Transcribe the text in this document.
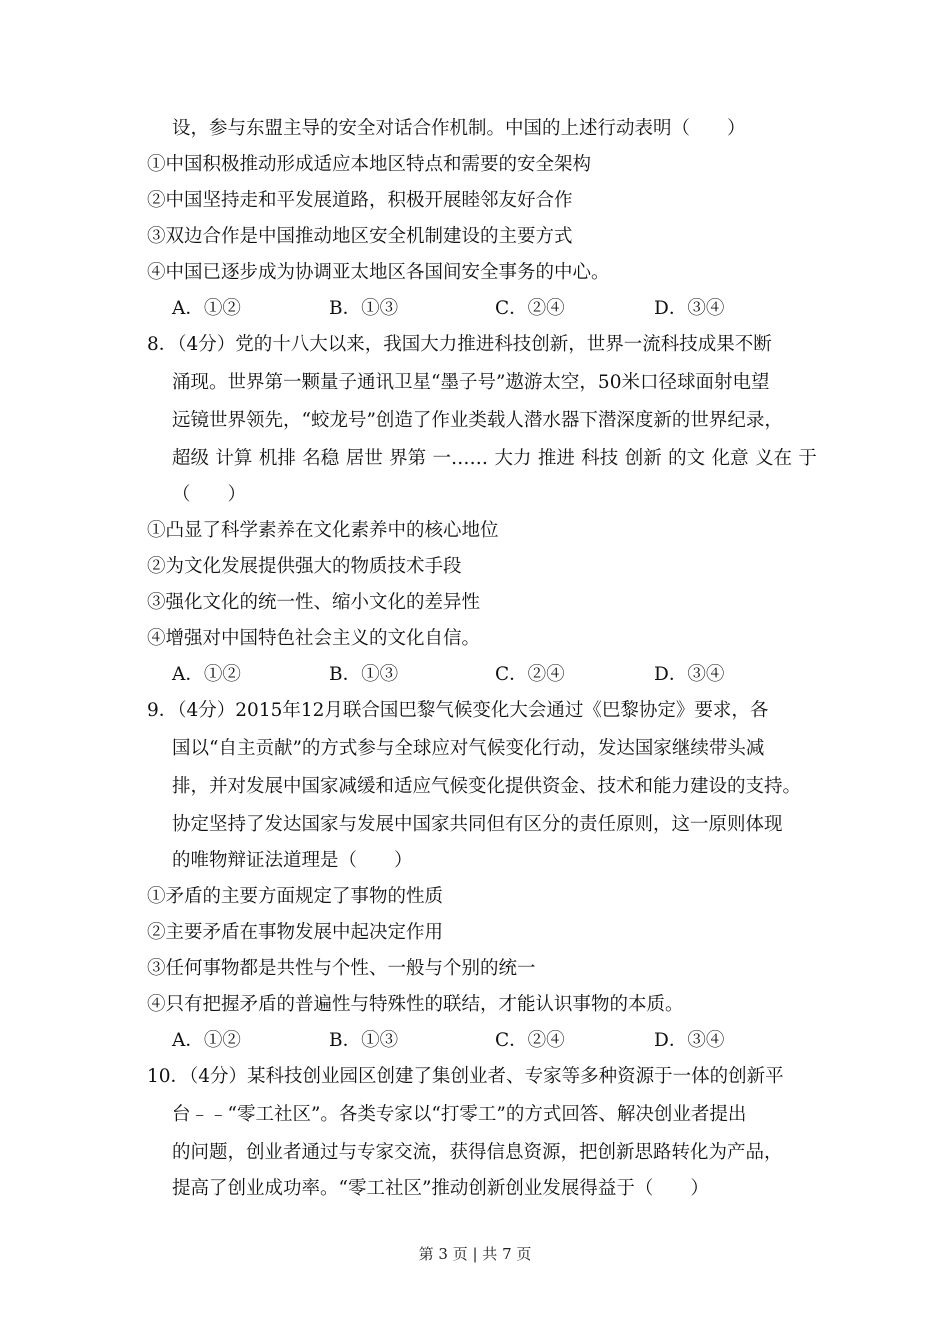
设，参与东盟主导的安全对话合作机制。中国的上述行动表明（　　）
①中国积极推动形成适应本地区特点和需要的安全架构
②中国坚持走和平发展道路，积极开展睦邻友好合作
③双边合作是中国推动地区安全机制建设的主要方式
④中国已逐步成为协调亚太地区各国间安全事务的中心。
A．①②	B．①③	C．②④	D．③④
8．（4分）党的十八大以来，我国大力推进科技创新，世界一流科技成果不断
涌现。世界第一颗量子通讯卫星“墨子号”遨游太空，50米口径球面射电望
远镜世界领先，“蛟龙号”创造了作业类载人潜水器下潜深度新的世界纪录，
超级 计算 机排 名稳 居世 界第 一…… 大力 推进 科技 创新 的文 化意 义在 于
（　　）
①凸显了科学素养在文化素养中的核心地位
②为文化发展提供强大的物质技术手段
③强化文化的统一性、缩小文化的差异性
④增强对中国特色社会主义的文化自信。
A．①②	B．①③	C．②④	D．③④
9．（4分）2015年12月联合国巴黎气候变化大会通过《巴黎协定》要求，各
国以“自主贡献”的方式参与全球应对气候变化行动，发达国家继续带头减
排，并对发展中国家减缓和适应气候变化提供资金、技术和能力建设的支持。
协定坚持了发达国家与发展中国家共同但有区分的责任原则，这一原则体现
的唯物辩证法道理是（　　）
①矛盾的主要方面规定了事物的性质
②主要矛盾在事物发展中起决定作用
③任何事物都是共性与个性、一般与个别的统一
④只有把握矛盾的普遍性与特殊性的联结，才能认识事物的本质。
A．①②	B．①③	C．②④	D．③④
10．（4分）某科技创业园区创建了集创业者、专家等多种资源于一体的创新平
台﹣﹣“零工社区”。各类专家以“打零工”的方式回答、解决创业者提出
的问题，创业者通过与专家交流，获得信息资源，把创新思路转化为产品，
提高了创业成功率。“零工社区”推动创新创业发展得益于（　　）
第 3 页 | 共 7 页
